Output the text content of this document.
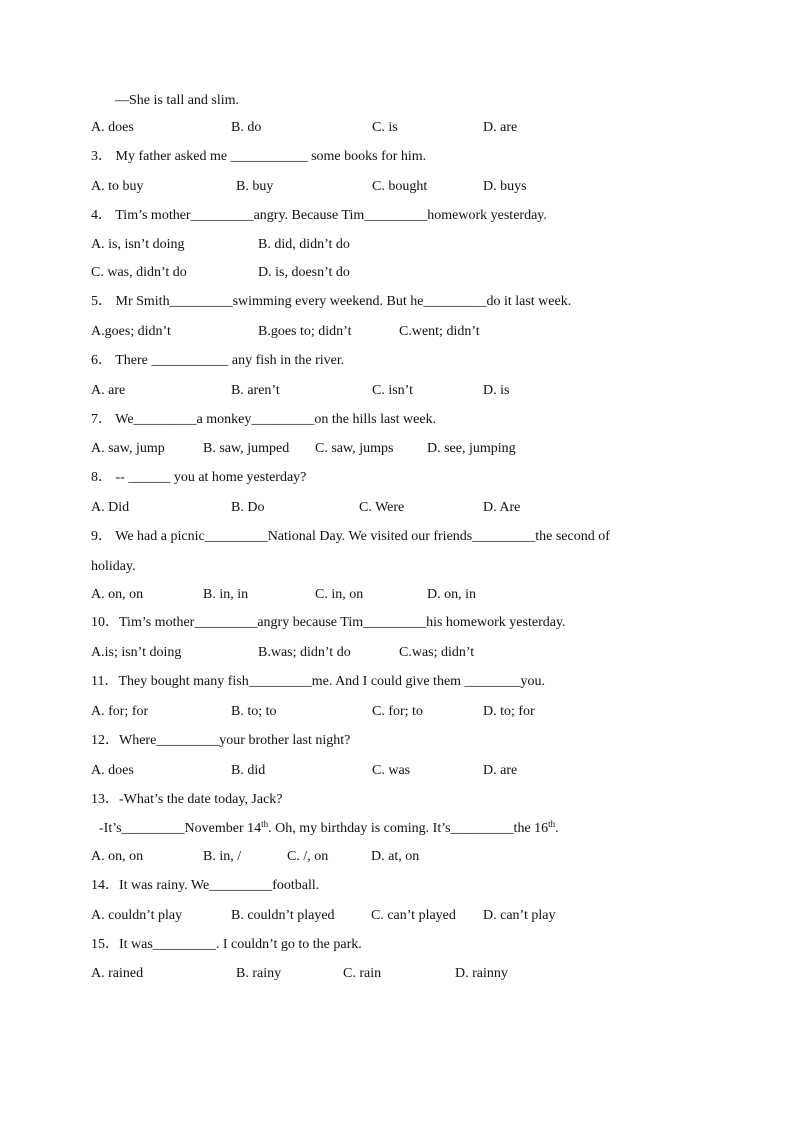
—She is tall and slim.
3． My father asked me ___________ some books for him.
4． Tim’s mother_________angry. Because Tim_________homework yesterday.
5． Mr Smith_________swimming every weekend. But he_________do it last week.
6． There ___________ any fish in the river.
7． We_________a monkey_________on the hills last week.
8． -- ______ you at home yesterday?
9． We had a picnic_________National Day. We visited our friends_________the second of
holiday.
10．Tim’s mother_________angry because Tim_________his homework yesterday.
11．They bought many fish_________me. And I could give them ________you.
12．Where_________your brother last night?
13．-What’s the date today, Jack?
14．It was rainy. We_________football.
15．It was_________. I couldn’t go to the park.
A. does	B. do	C. is	D. are
A. to buy	B. buy	C. bought	D. buys
A. is, isn’t doing	B. did, didn’t do
C. was, didn’t do	D. is, doesn’t do
A.goes; didn’t	B.goes to; didn’t	C.went; didn’t
A. are	B. aren’t	C. isn’t	D. is
A. saw, jump	B. saw, jumped C. saw, jumps D. see, jumping
A. Did	B. Do	C. Were	D. Are
A. on, on	B. in, in	C. in, on	D. on, in
A.is; isn’t doing	B.was; didn’t do	C.was; didn’t
A. for; for	B. to; to	C. for; to	D. to; for
A. does	B. did	C. was	D. are
A. on, on	B. in, /	C. /, on	D. at, on
A. couldn’t play	B. couldn’t played	C. can’t played D. can’t play
A. rained	B. rainy	C. rain	D. rainny
-It’s_________November 14th. Oh, my birthday is coming. It’s_________the 16th.
